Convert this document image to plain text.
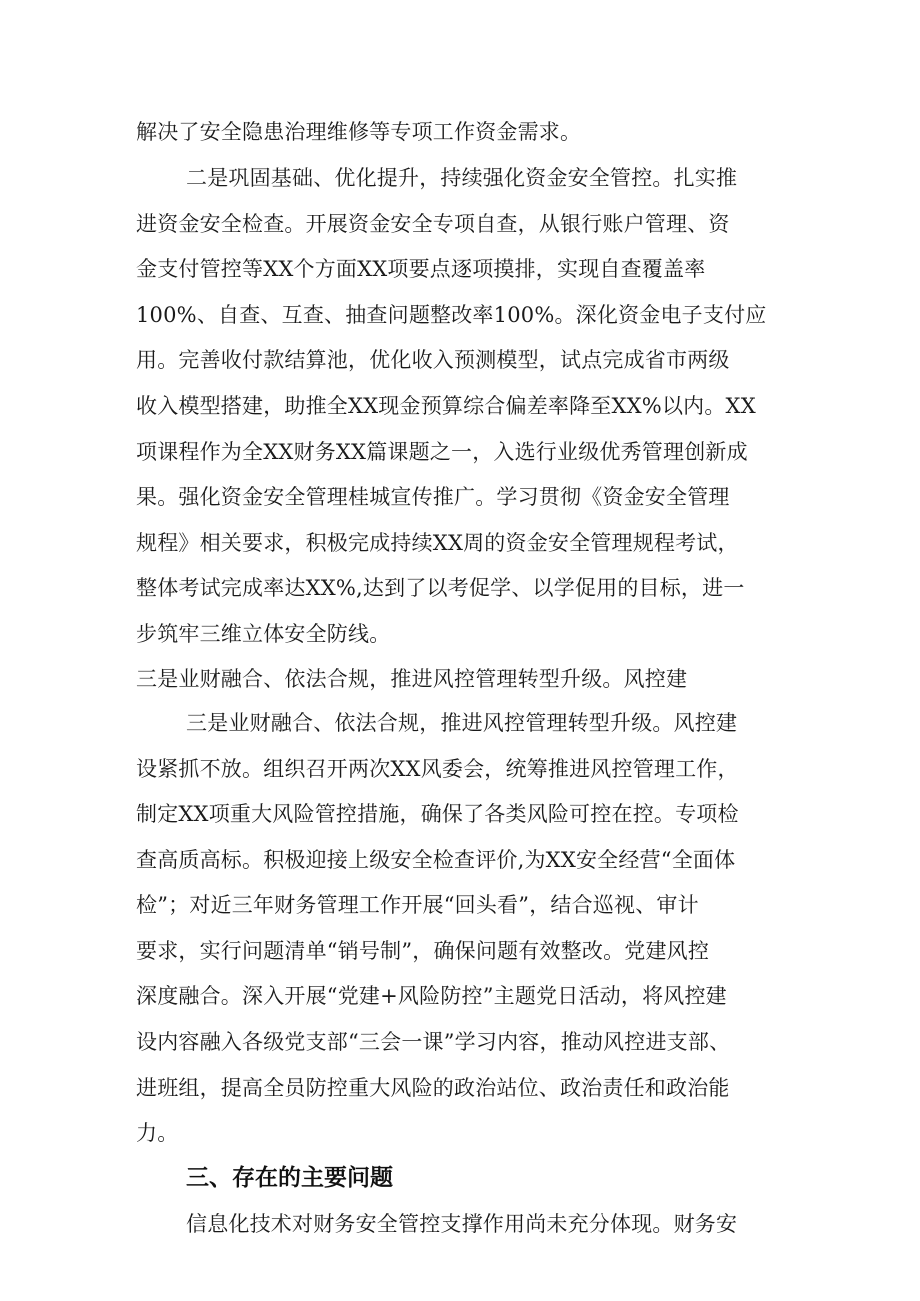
解决了安全隐患治理维修等专项工作资金需求。
二是巩固基础、优化提升，持续强化资金安全管控。扎实推
进资金安全检查。开展资金安全专项自查，从银行账户管理、资
金支付管控等XX个方面XX项要点逐项摸排，实现自查覆盖率
100%、自查、互查、抽查问题整改率100%。深化资金电子支付应
用。完善收付款结算池，优化收入预测模型，试点完成省市两级
收入模型搭建，助推全XX现金预算综合偏差率降至XX%以内。XX
项课程作为全XX财务XX篇课题之一，入选行业级优秀管理创新成
果。强化资金安全管理桂城宣传推广。学习贯彻《资金安全管理
规程》相关要求，积极完成持续XX周的资金安全管理规程考试，
整体考试完成率达XX%,达到了以考促学、以学促用的目标，进一
步筑牢三维立体安全防线。
三是业财融合、依法合规，推进风控管理转型升级。风控建
三是业财融合、依法合规，推进风控管理转型升级。风控建
设紧抓不放。组织召开两次XX风委会，统筹推进风控管理工作，
制定XX项重大风险管控措施，确保了各类风险可控在控。专项检
查高质高标。积极迎接上级安全检查评价,为XX安全经营“全面体
检”；对近三年财务管理工作开展“回头看”，结合巡视、审计
要求，实行问题清单“销号制”，确保问题有效整改。党建风控
深度融合。深入开展“党建+风险防控”主题党日活动，将风控建
设内容融入各级党支部“三会一课”学习内容，推动风控进支部、
进班组，提高全员防控重大风险的政治站位、政治责任和政治能
力。
三、存在的主要问题
信息化技术对财务安全管控支撑作用尚未充分体现。财务安
